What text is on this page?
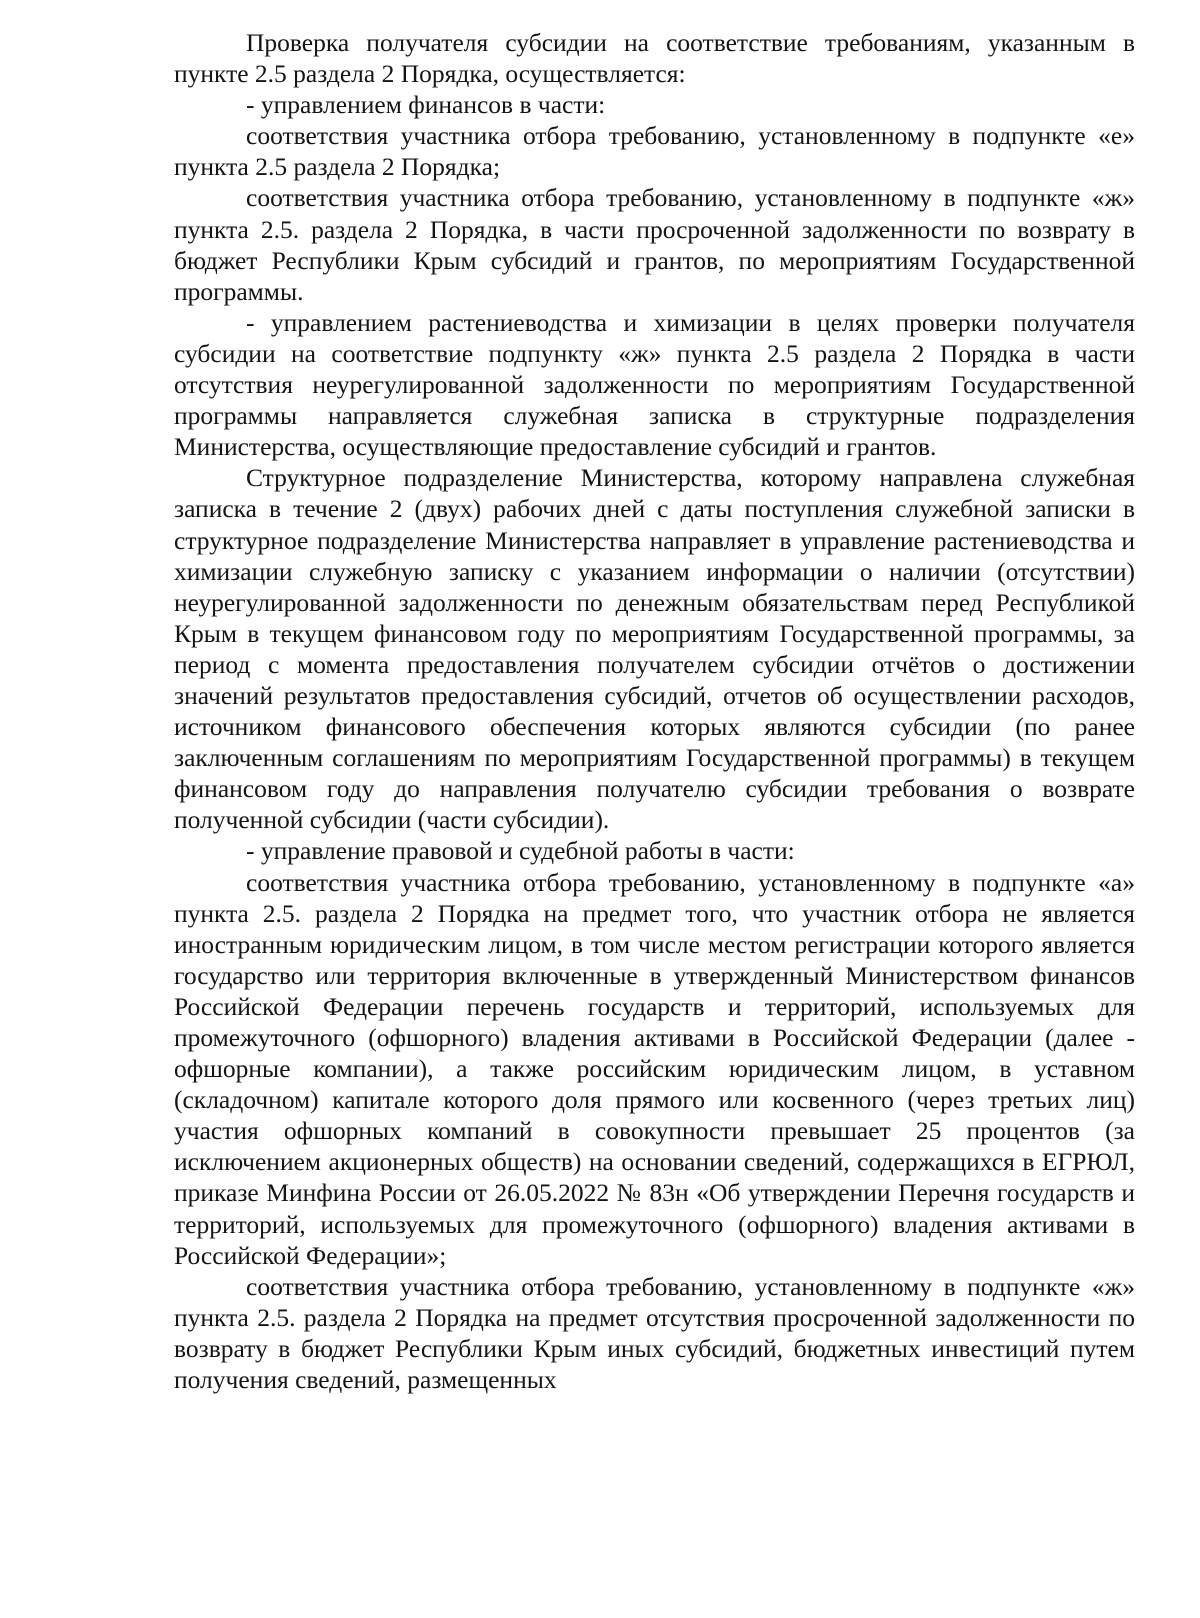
Проверка получателя субсидии на соответствие требованиям, указанным в пункте 2.5 раздела 2 Порядка, осуществляется:

- управлением финансов в части:

соответствия участника отбора требованию, установленному в подпункте «е» пункта 2.5 раздела 2 Порядка;

соответствия участника отбора требованию, установленному в подпункте «ж» пункта 2.5. раздела 2 Порядка, в части просроченной задолженности по возврату в бюджет Республики Крым субсидий и грантов, по мероприятиям Государственной программы.

- управлением растениеводства и химизации в целях проверки получателя субсидии на соответствие подпункту «ж» пункта 2.5 раздела 2 Порядка в части отсутствия неурегулированной задолженности по мероприятиям Государственной программы направляется служебная записка в структурные подразделения Министерства, осуществляющие предоставление субсидий и грантов.

Структурное подразделение Министерства, которому направлена служебная записка в течение 2 (двух) рабочих дней с даты поступления служебной записки в структурное подразделение Министерства направляет в управление растениеводства и химизации служебную записку с указанием информации о наличии (отсутствии) неурегулированной задолженности по денежным обязательствам перед Республикой Крым в текущем финансовом году по мероприятиям Государственной программы, за период с момента предоставления получателем субсидии отчётов о достижении значений результатов предоставления субсидий, отчетов об осуществлении расходов, источником финансового обеспечения которых являются субсидии (по ранее заключенным соглашениям по мероприятиям Государственной программы) в текущем финансовом году до направления получателю субсидии требования о возврате полученной субсидии (части субсидии).

- управление правовой и судебной работы в части:

соответствия участника отбора требованию, установленному в подпункте «а» пункта 2.5. раздела 2 Порядка на предмет того, что участник отбора не является иностранным юридическим лицом, в том числе местом регистрации которого является государство или территория включенные в утвержденный Министерством финансов Российской Федерации перечень государств и территорий, используемых для промежуточного (офшорного) владения активами в Российской Федерации (далее - офшорные компании), а также российским юридическим лицом, в уставном (складочном) капитале которого доля прямого или косвенного (через третьих лиц) участия офшорных компаний в совокупности превышает 25 процентов (за исключением акционерных обществ) на основании сведений, содержащихся в ЕГРЮЛ, приказе Минфина России от 26.05.2022 № 83н «Об утверждении Перечня государств и территорий, используемых для промежуточного (офшорного) владения активами в Российской Федерации»;

соответствия участника отбора требованию, установленному в подпункте «ж» пункта 2.5. раздела 2 Порядка на предмет отсутствия просроченной задолженности по возврату в бюджет Республики Крым иных субсидий, бюджетных инвестиций путем получения сведений, размещенных
